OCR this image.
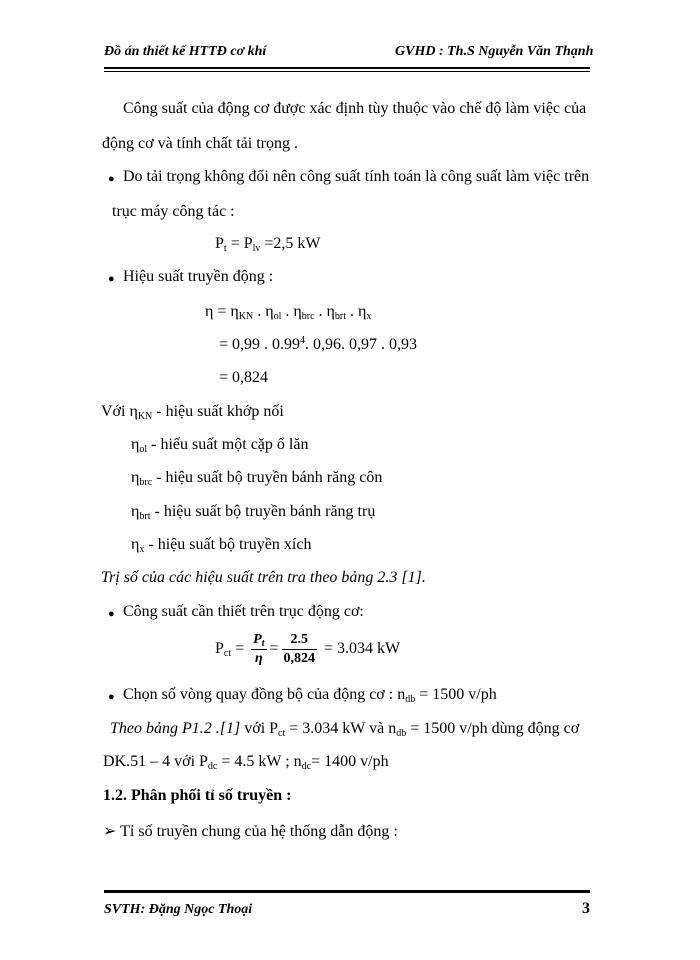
Đồ án thiết kế HTTĐ cơ khí	GVHD : Th.S Nguyễn Văn Thạnh
Công suất của động cơ được xác định tùy thuộc vào chế độ làm việc của
động cơ và tính chất tải trọng .
● Do tải trọng không đổi nên công suất tính toán là công suất làm việc trên
trục máy công tác :
$P_t = P_{lv} =2,5$ kW
● Hiệu suất truyền động :
$\eta = \eta_{KN}$ . $\eta_{ol}$ . $\eta_{brc}$ . $\eta_{brt}$ . $\eta_x$
= 0,99 . 0.99$^4$. 0,96. 0,97 . 0,93
= 0,824
Với $\eta_{KN}$ - hiệu suất khớp nối
$\eta_{ol}$ - hiếu suất một cặp ổ lăn
$\eta_{brc}$ - hiệu suất bộ truyền bánh răng côn
$\eta_{brt}$ - hiệu suất bộ truyền bánh răng trụ
$\eta_x$ - hiệu suất bộ truyền xích
Trị số của các hiệu suất trên tra theo bảng 2.3 [1].
● Công suất cần thiết trên trục động cơ:
$P_{ct} = \frac{P_t}{\eta} = \frac{2.5}{0,824} = 3.034$ kW
● Chọn số vòng quay đồng bộ của động cơ : $n_{db} = 1500$ v/ph
Theo bảng P1.2 .[1] với $P_{ct} = 3.034$ kW và $n_{db} = 1500$ v/ph dùng động cơ
DK.51 – 4 với $P_{dc} = 4.5$ kW ; $n_{dc}= 1400$ v/ph
1.2. Phân phối tỉ số truyền :
➢ Tỉ số truyền chung của hệ thống dẫn động :
SVTH: Đặng Ngọc Thoại	3
